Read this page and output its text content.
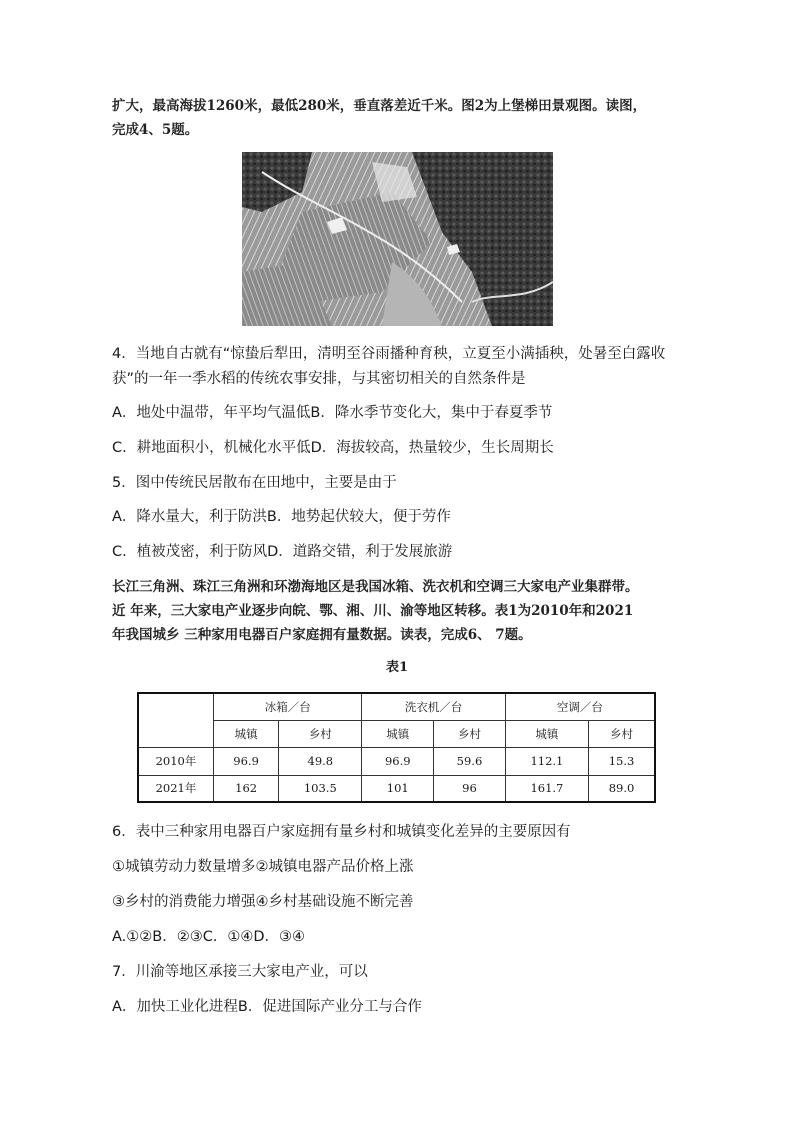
扩大，最高海拔1260米，最低280米，垂直落差近千米。图2为上堡梯田景观图。读图，
完成4、5题。
4．当地自古就有“惊蛰后犁田，清明至谷雨播种育秧，立夏至小满插秧，处暑至白露收
获”的一年一季水稻的传统农事安排，与其密切相关的自然条件是
A．地处中温带，年平均气温低B．降水季节变化大，集中于春夏季节
C．耕地面积小，机械化水平低D．海拔较高，热量较少，生长周期长
5．图中传统民居散布在田地中，主要是由于
A．降水量大，利于防洪B．地势起伏较大，便于劳作
C．植被茂密，利于防风D．道路交错，利于发展旅游
长江三角洲、珠江三角洲和环渤海地区是我国冰箱、洗衣机和空调三大家电产业集群带。
近 年来，三大家电产业逐步向皖、鄂、湘、川、渝等地区转移。表1为2010年和2021
年我国城乡 三种家用电器百户家庭拥有量数据。读表，完成6、 7题。
表1
	冰箱／台		洗衣机／台		空调／台	
	城镇	乡村	城镇	乡村	城镇	乡村
2010年	96.9	49.8	96.9	59.6	112.1	15.3
2021年	162	103.5	101	96	161.7	89.0
6．表中三种家用电器百户家庭拥有量乡村和城镇变化差异的主要原因有
①城镇劳动力数量增多②城镇电器产品价格上涨
③乡村的消费能力增强④乡村基础设施不断完善
A.①②B．②③C．①④D．③④
7．川渝等地区承接三大家电产业，可以
A．加快工业化进程B．促进国际产业分工与合作
